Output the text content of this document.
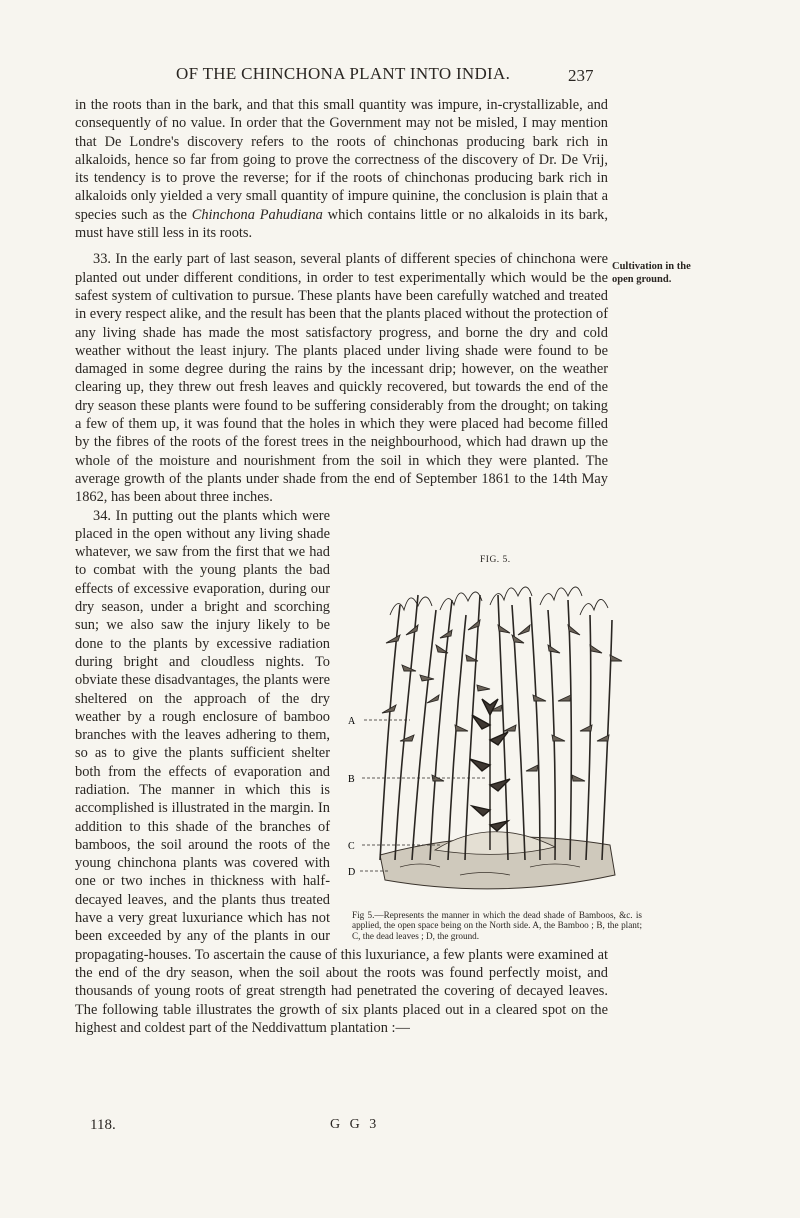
OF THE CHINCHONA PLANT INTO INDIA.	237
Cultivation in the
open ground.

in the roots than in the bark, and that this small quantity was impure, in-crystallizable, and consequently of no value. In order that the Government may not be misled, I may mention that De Londre's discovery refers to the roots of chinchonas producing bark rich in alkaloids, hence so far from going to prove the correctness of the discovery of Dr. De Vrij, its tendency is to prove the reverse; for if the roots of chinchonas producing bark rich in alkaloids only yielded a very small quantity of impure quinine, the conclusion is plain that a species such as the Chinchona Pahudiana which contains little or no alkaloids in its bark, must have still less in its roots.

33. In the early part of last season, several plants of different species of chinchona were planted out under different conditions, in order to test experimentally which would be the safest system of cultivation to pursue. These plants have been carefully watched and treated in every respect alike, and the result has been that the plants placed without the protection of any living shade has made the most satisfactory progress, and borne the dry and cold weather without the least injury. The plants placed under living shade were found to be damaged in some degree during the rains by the incessant drip; however, on the weather clearing up, they threw out fresh leaves and quickly recovered, but towards the end of the dry season these plants were found to be suffering considerably from the drought; on taking a few of them up, it was found that the holes in which they were placed had become filled by the fibres of the roots of the forest trees in the neighbourhood, which had drawn up the whole of the moisture and nourishment from the soil in which they were planted. The average growth of the plants under shade from the end of September 1861 to the 14th May 1862, has been about three inches.

FIG. 5.
A
B
C
D
Fig 5.—Represents the manner in which the dead shade of Bamboos, &c. is applied, the open space being on the North side. A, the Bamboo ; B, the plant; C, the dead leaves ; D, the ground.

34. In putting out the plants which were placed in the open without any living shade whatever, we saw from the first that we had to combat with the young plants the bad effects of excessive evaporation, during our dry season, under a bright and scorching sun; we also saw the injury likely to be done to the plants by excessive radiation during bright and cloudless nights. To obviate these disadvantages, the plants were sheltered on the approach of the dry weather by a rough enclosure of bamboo branches with the leaves adhering to them, so as to give the plants sufficient shelter both from the effects of evaporation and radiation. The manner in which this is accomplished is illustrated in the margin. In addition to this shade of the branches of bamboos, the soil around the roots of the young chinchona plants was covered with one or two inches in thickness with half-decayed leaves, and the plants thus treated have a very great luxuriance which has not been exceeded by any of the plants in our propagating-houses. To ascertain the cause of this luxuriance, a few plants were examined at the end of the dry season, when the soil about the roots was found perfectly moist, and thousands of young roots of great strength had penetrated the covering of decayed leaves. The following table illustrates the growth of six plants placed out in a cleared spot on the highest and coldest part of the Neddivattum plantation :—

118.	G G 3
